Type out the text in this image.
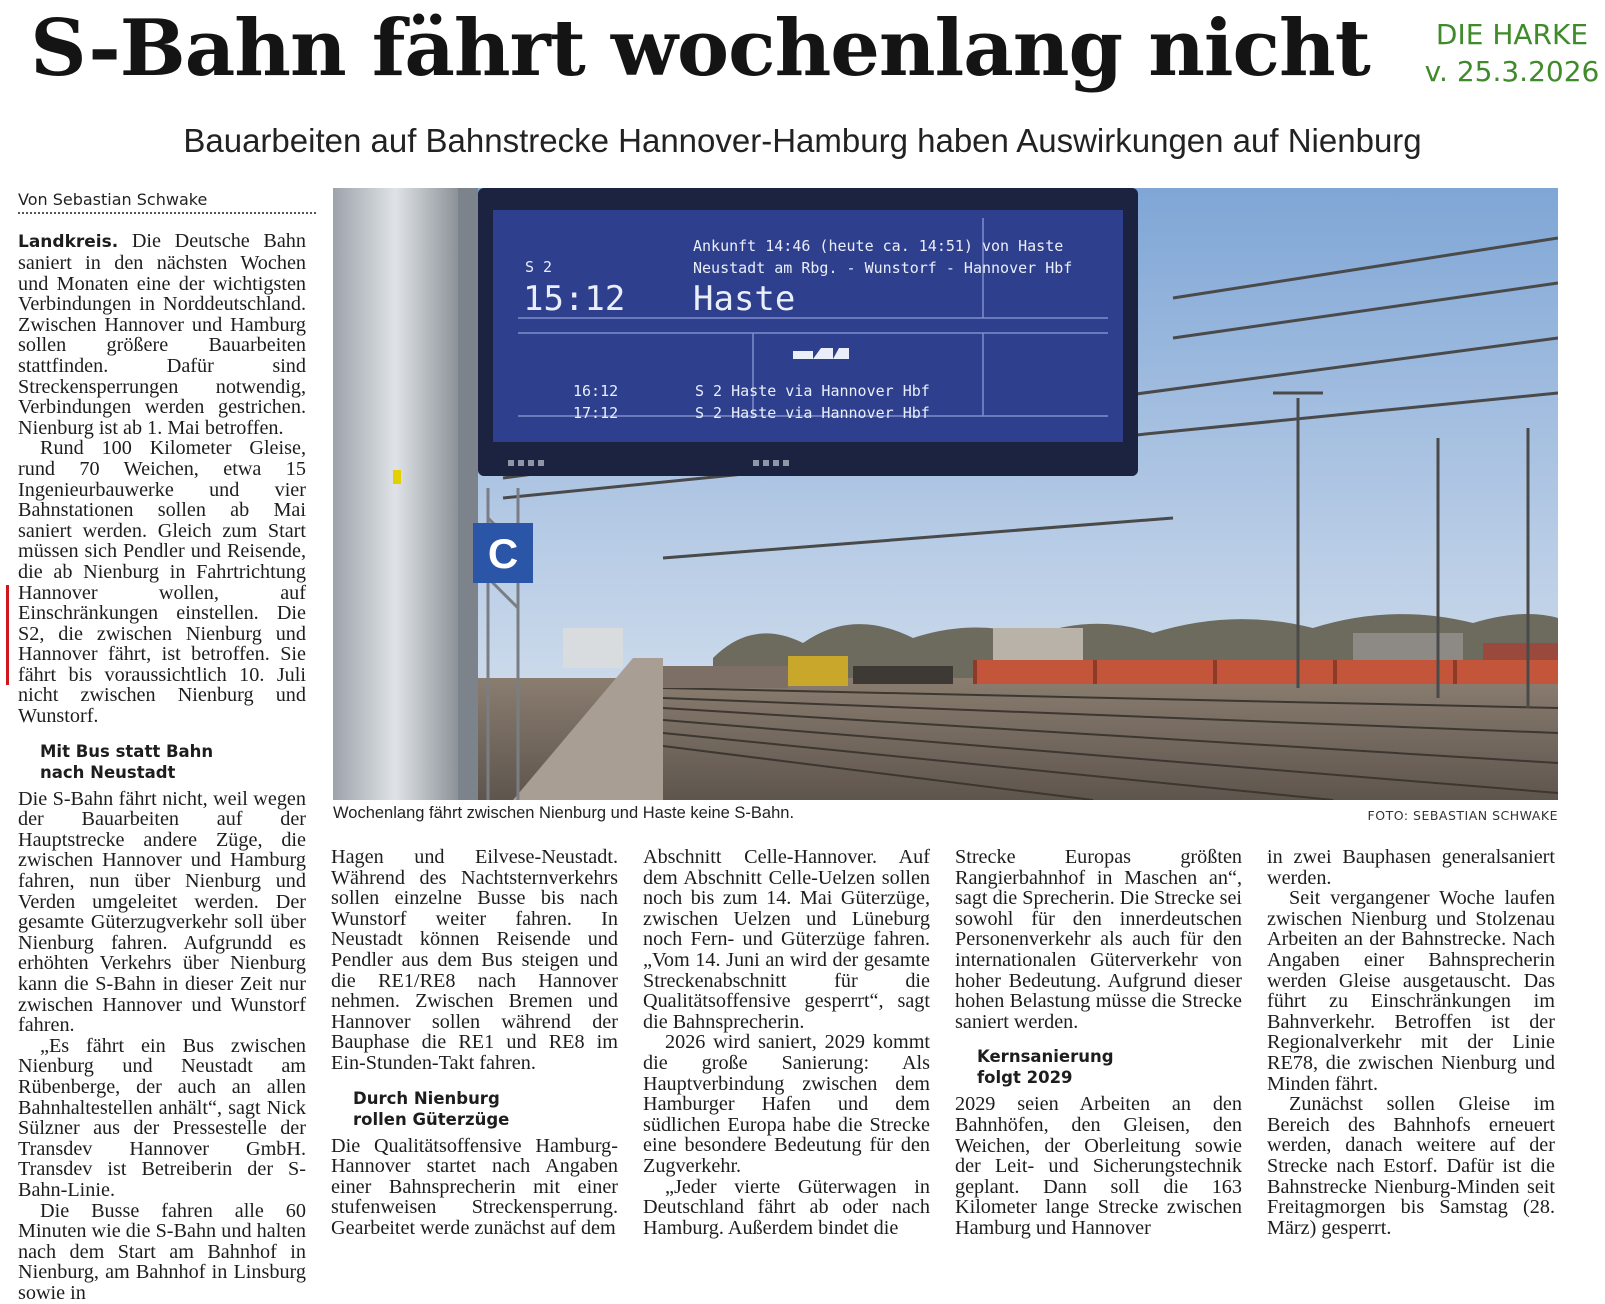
S-Bahn fährt wochenlang nicht	DIE HARKE
v. 25.3.2026
Bauarbeiten auf Bahnstrecke Hannover-Hamburg haben Auswirkungen auf Nienburg
Von Sebastian Schwake

Landkreis. Die Deutsche Bahn saniert in den nächsten Wochen und Monaten eine der wichtigsten Verbindungen in Norddeutschland. Zwischen Hannover und Hamburg sollen größere Bauarbeiten stattfinden. Dafür sind Streckensperrungen notwendig, Verbindungen werden gestrichen. Nienburg ist ab 1. Mai betroffen.

Rund 100 Kilometer Gleise, rund 70 Weichen, etwa 15 Ingenieurbauwerke und vier Bahnstationen sollen ab Mai saniert werden. Gleich zum Start müssen sich Pendler und Reisende, die ab Nienburg in Fahrtrichtung Hannover wollen, auf Einschränkungen einstellen. Die S2, die zwischen Nienburg und Hannover fährt, ist betroffen. Sie fährt bis voraussichtlich 10. Juli nicht zwischen Nienburg und Wunstorf.

Mit Bus statt Bahn
nach Neustadt

Die S-Bahn fährt nicht, weil wegen der Bauarbeiten auf der Hauptstrecke andere Züge, die zwischen Hannover und Hamburg fahren, nun über Nienburg und Verden umgeleitet werden. Der gesamte Güterzugverkehr soll über Nienburg fahren. Aufgrundd es erhöhten Verkehrs über Nienburg kann die S-Bahn in dieser Zeit nur zwischen Hannover und Wunstorf fahren.

„Es fährt ein Bus zwischen Nienburg und Neustadt am Rübenberge, der auch an allen Bahnhaltestellen anhält“, sagt Nick Sülzner aus der Pressestelle der Transdev Hannover GmbH. Transdev ist Betreiberin der S-Bahn-Linie.

Die Busse fahren alle 60 Minuten wie die S-Bahn und halten nach dem Start am Bahnhof in Nienburg, am Bahnhof in Linsburg sowie in

C
Ankunft 14:46 (heute ca. 14:51) von Haste
Neustadt am Rbg. - Wunstorf - Hannover Hbf
S 2
15:12 Haste
16:12	S 2 Haste via Hannover Hbf
17:12	S 2 Haste via Hannover Hbf
Wochenlang fährt zwischen Nienburg und Haste keine S-Bahn.	FOTO: SEBASTIAN SCHWAKE

Hagen und Eilvese-Neustadt. Während des Nachtsternverkehrs sollen einzelne Busse bis nach Wunstorf weiter fahren. In Neustadt können Reisende und Pendler aus dem Bus steigen und die RE1/RE8 nach Hannover nehmen. Zwischen Bremen und Hannover sollen während der Bauphase die RE1 und RE8 im Ein-Stunden-Takt fahren.

Durch Nienburg
rollen Güterzüge

Die Qualitätsoffensive Hamburg-Hannover startet nach Angaben einer Bahnsprecherin mit einer stufenweisen Streckensperrung. Gearbeitet werde zunächst auf dem

Abschnitt Celle-Hannover. Auf dem Abschnitt Celle-Uelzen sollen noch bis zum 14. Mai Güterzüge, zwischen Uelzen und Lüneburg noch Fern- und Güterzüge fahren. „Vom 14. Juni an wird der gesamte Streckenabschnitt für die Qualitätsoffensive gesperrt“, sagt die Bahnsprecherin.

2026 wird saniert, 2029 kommt die große Sanierung: Als Hauptverbindung zwischen dem Hamburger Hafen und dem südlichen Europa habe die Strecke eine besondere Bedeutung für den Zugverkehr.

„Jeder vierte Güterwagen in Deutschland fährt ab oder nach Hamburg. Außerdem bindet die

Strecke Europas größten Rangierbahnhof in Maschen an“, sagt die Sprecherin. Die Strecke sei sowohl für den innerdeutschen Personenverkehr als auch für den internationalen Güterverkehr von hoher Bedeutung. Aufgrund dieser hohen Belastung müsse die Strecke saniert werden.

Kernsanierung
folgt 2029

2029 seien Arbeiten an den Bahnhöfen, den Gleisen, den Weichen, der Oberleitung sowie der Leit- und Sicherungstechnik geplant. Dann soll die 163 Kilometer lange Strecke zwischen Hamburg und Hannover

in zwei Bauphasen generalsaniert werden.

Seit vergangener Woche laufen zwischen Nienburg und Stolzenau Arbeiten an der Bahnstrecke. Nach Angaben einer Bahnsprecherin werden Gleise ausgetauscht. Das führt zu Einschränkungen im Bahnverkehr. Betroffen ist der Regionalverkehr mit der Linie RE78, die zwischen Nienburg und Minden fährt.

Zunächst sollen Gleise im Bereich des Bahnhofs erneuert werden, danach weitere auf der Strecke nach Estorf. Dafür ist die Bahnstrecke Nienburg-Minden seit Freitagmorgen bis Samstag (28. März) gesperrt.
